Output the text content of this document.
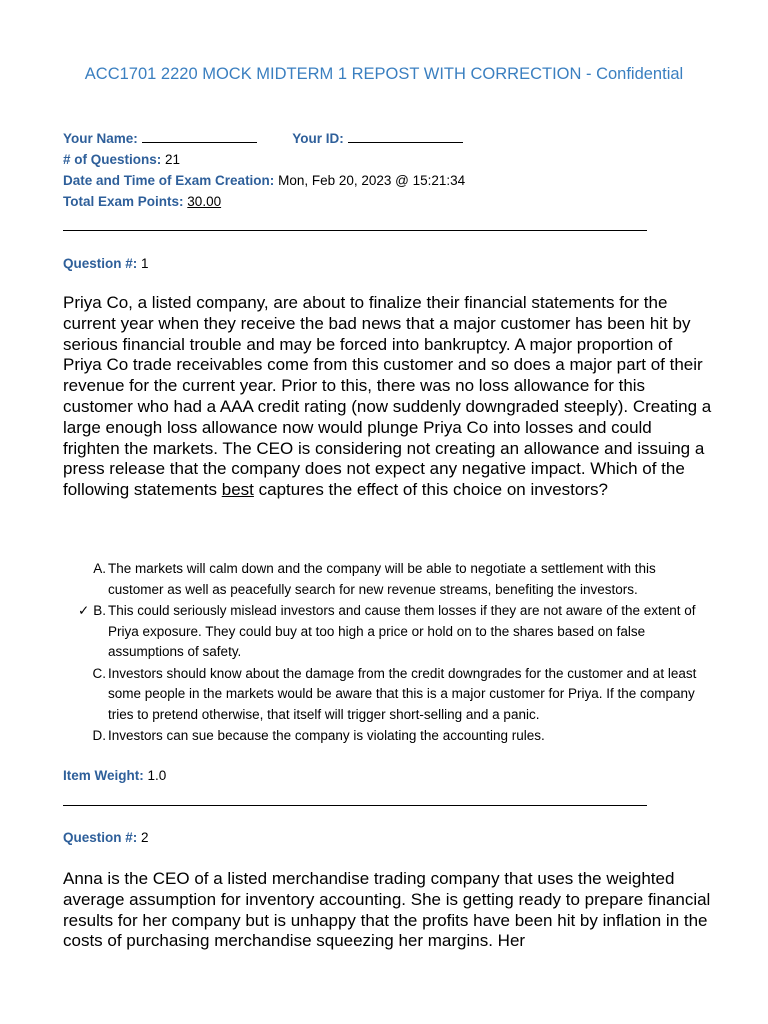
ACC1701 2220 MOCK MIDTERM 1 REPOST WITH CORRECTION - Confidential
Your Name:	Your ID:
# of Questions: 21
Date and Time of Exam Creation: Mon, Feb 20, 2023 @ 15:21:34
Total Exam Points: 30.00
Question #: 1
Priya Co, a listed company, are about to finalize their financial statements for the current year when they receive the bad news that a major customer has been hit by serious financial trouble and may be forced into bankruptcy. A major proportion of Priya Co trade receivables come from this customer and so does a major part of their revenue for the current year. Prior to this, there was no loss allowance for this customer who had a AAA credit rating (now suddenly downgraded steeply). Creating a large enough loss allowance now would plunge Priya Co into losses and could frighten the markets. The CEO is considering not creating an allowance and issuing a press release that the company does not expect any negative impact. Which of the following statements best captures the effect of this choice on investors?
A. The markets will calm down and the company will be able to negotiate a settlement with this customer as well as peacefully search for new revenue streams, benefiting the investors.
✓ B. This could seriously mislead investors and cause them losses if they are not aware of the extent of Priya exposure. They could buy at too high a price or hold on to the shares based on false assumptions of safety.
C. Investors should know about the damage from the credit downgrades for the customer and at least some people in the markets would be aware that this is a major customer for Priya. If the company tries to pretend otherwise, that itself will trigger short-selling and a panic.
D. Investors can sue because the company is violating the accounting rules.
Item Weight: 1.0
Question #: 2
Anna is the CEO of a listed merchandise trading company that uses the weighted average assumption for inventory accounting. She is getting ready to prepare financial results for her company but is unhappy that the profits have been hit by inflation in the costs of purchasing merchandise squeezing her margins. Her
